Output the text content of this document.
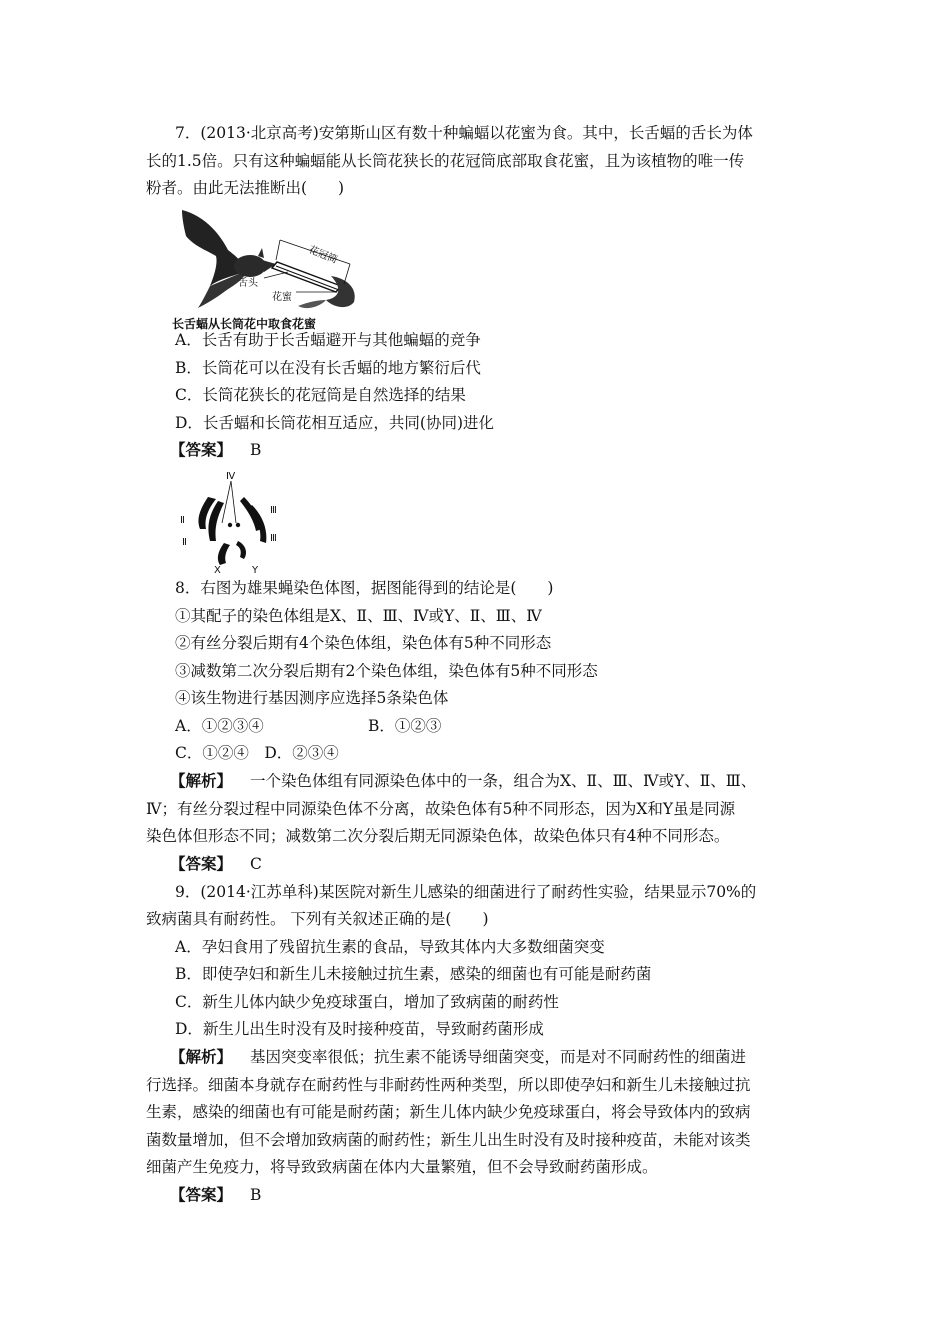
7．(2013·北京高考)安第斯山区有数十种蝙蝠以花蜜为食。其中，长舌蝠的舌长为体
长的1.5倍。只有这种蝙蝠能从长筒花狭长的花冠筒底部取食花蜜，且为该植物的唯一传
粉者。由此无法推断出(　　)
花冠筒
舌头
花蜜
长舌蝠从长筒花中取食花蜜
A．长舌有助于长舌蝠避开与其他蝙蝠的竞争
B．长筒花可以在没有长舌蝠的地方繁衍后代
C．长筒花狭长的花冠筒是自然选择的结果
D．长舌蝠和长筒花相互适应，共同(协同)进化
【答案】 B
Ⅳ
Ⅱ
Ⅱ
Ⅲ
Ⅲ
X	Y
8．右图为雄果蝇染色体图，据图能得到的结论是(　　)
①其配子的染色体组是X、Ⅱ、Ⅲ、Ⅳ或Y、Ⅱ、Ⅲ、Ⅳ
②有丝分裂后期有4个染色体组，染色体有5种不同形态
③减数第二次分裂后期有2个染色体组，染色体有5种不同形态
④该生物进行基因测序应选择5条染色体
A．①②③④	B．①②③
C．①②④　D．②③④
【解析】 一个染色体组有同源染色体中的一条，组合为X、Ⅱ、Ⅲ、Ⅳ或Y、Ⅱ、Ⅲ、
Ⅳ；有丝分裂过程中同源染色体不分离，故染色体有5种不同形态，因为X和Y虽是同源
染色体但形态不同；减数第二次分裂后期无同源染色体，故染色体只有4种不同形态。
【答案】 C
9．(2014·江苏单科)某医院对新生儿感染的细菌进行了耐药性实验，结果显示70%的
致病菌具有耐药性。 下列有关叙述正确的是(　　)
A．孕妇食用了残留抗生素的食品，导致其体内大多数细菌突变
B．即使孕妇和新生儿未接触过抗生素，感染的细菌也有可能是耐药菌
C．新生儿体内缺少免疫球蛋白，增加了致病菌的耐药性
D．新生儿出生时没有及时接种疫苗，导致耐药菌形成
【解析】 基因突变率很低；抗生素不能诱导细菌突变，而是对不同耐药性的细菌进
行选择。细菌本身就存在耐药性与非耐药性两种类型，所以即使孕妇和新生儿未接触过抗
生素，感染的细菌也有可能是耐药菌；新生儿体内缺少免疫球蛋白，将会导致体内的致病
菌数量增加，但不会增加致病菌的耐药性；新生儿出生时没有及时接种疫苗，未能对该类
细菌产生免疫力，将导致致病菌在体内大量繁殖，但不会导致耐药菌形成。
【答案】 B
